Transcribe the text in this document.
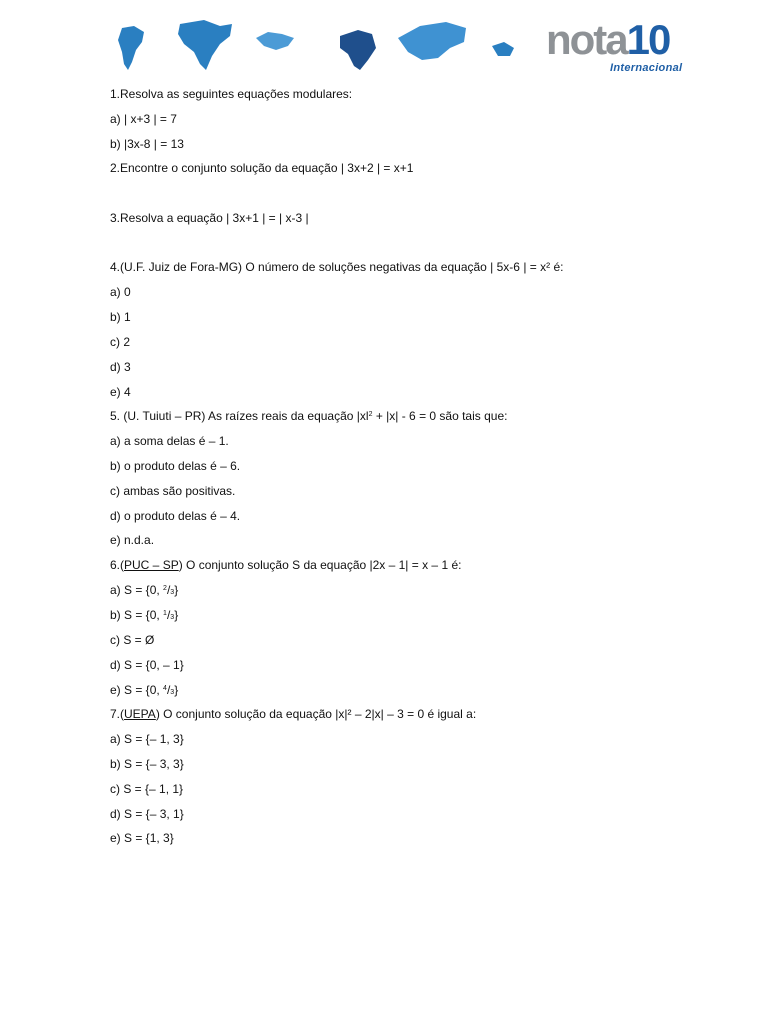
nota10
Internacional
1.Resolva as seguintes equações modulares:
a) | x+3 | = 7
b) |3x-8 | = 13
2.Encontre o conjunto solução da equação | 3x+2 | = x+1
3.Resolva a equação | 3x+1 | = | x-3 |
4.(U.F. Juiz de Fora-MG) O número de soluções negativas da equação | 5x-6 | = x² é:
a) 0
b) 1
c) 2
d) 3
e) 4
5. (U. Tuiuti – PR) As raízes reais da equação $|xl^2 + |x| - 6 = 0$ são tais que:
a) a soma delas é – 1.
b) o produto delas é – 6.
c) ambas são positivas.
d) o produto delas é – 4.
e) n.d.a.
6.(PUC – SP) O conjunto solução S da equação |2x – 1| = x – 1 é:
a) S = {0, $^2$/3}
b) S = {0, $^1$/3}
c) S = Ø
d) S = {0, – 1}
e) S = {0, $^4$/3}
7.(UEPA) O conjunto solução da equação |x|² – 2|x| – 3 = 0 é igual a:
a) S = {– 1, 3}
b) S = {– 3, 3}
c) S = {– 1, 1}
d) S = {– 3, 1}
e) S = {1, 3}
